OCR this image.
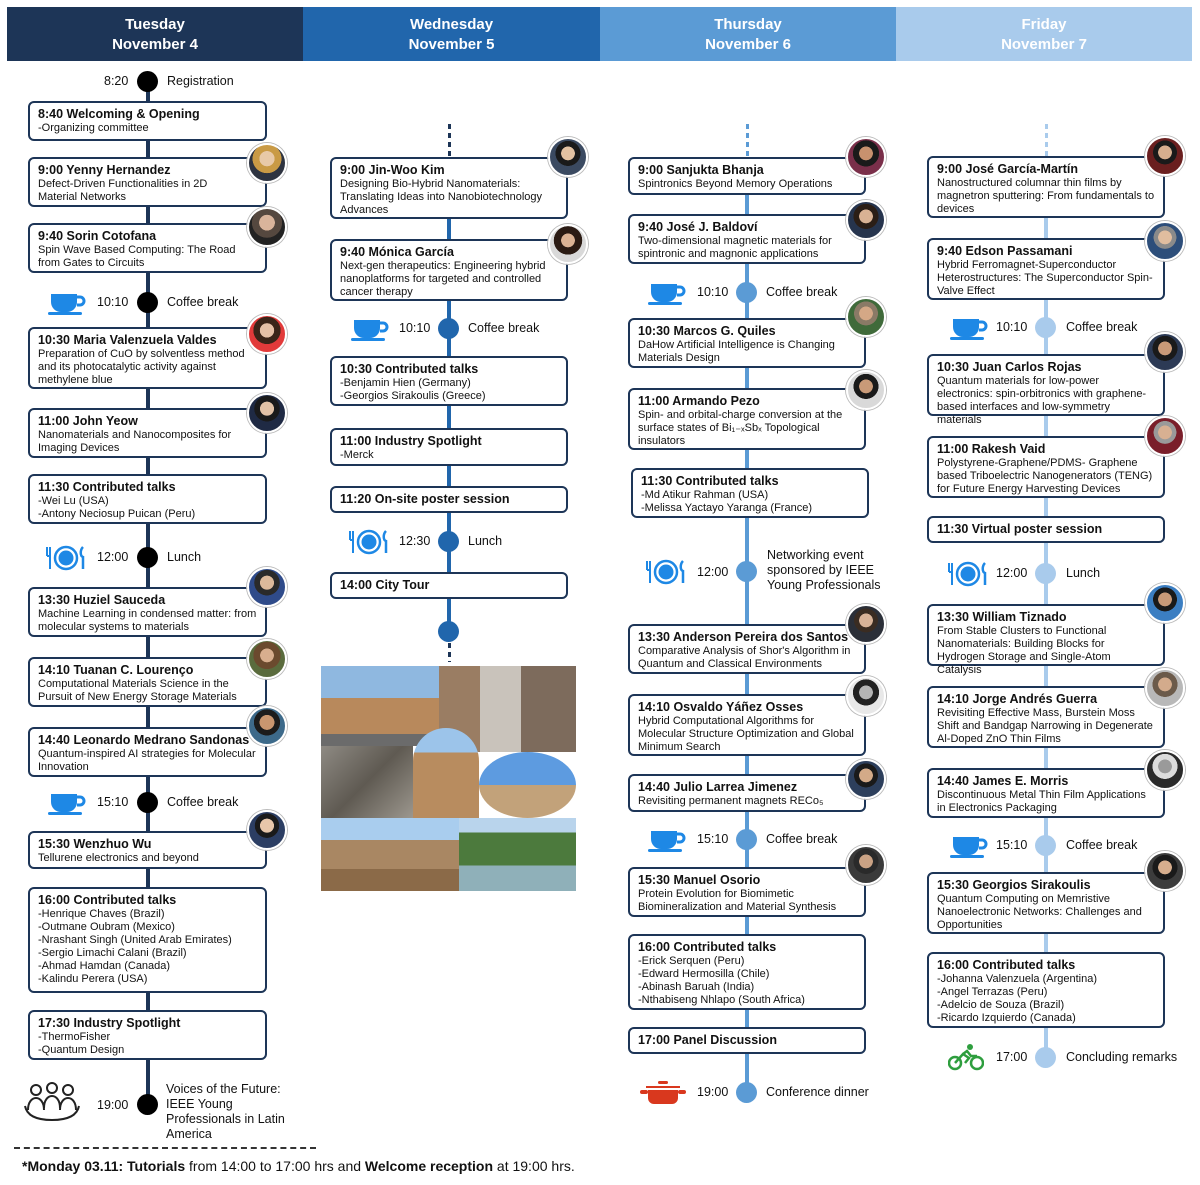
Tuesday
November 4
Wednesday
November 5
Thursday
November 6
Friday
November 7
8:20	Registration
8:40 Welcoming & Opening
-Organizing committee
9:00 Yenny Hernandez
Defect-Driven Functionalities in 2D Material Networks
9:40 Sorin Cotofana
Spin Wave Based Computing: The Road from Gates to Circuits
10:10	Coffee break
10:30 Maria Valenzuela Valdes
Preparation of CuO by solventless method and its photocatalytic activity against methylene blue
11:00 John Yeow
Nanomaterials and Nanocomposites for Imaging Devices
11:30 Contributed talks
-Wei Lu (USA)
-Antony Neciosup Puican (Peru)
12:00	Lunch
13:30 Huziel Sauceda
Machine Learning in condensed matter: from molecular systems to materials
14:10 Tuanan C. Lourenço
Computational Materials Science in the Pursuit of New Energy Storage Materials
14:40 Leonardo Medrano Sandonas
Quantum-inspired AI strategies for Molecular Innovation
15:10	Coffee break
15:30 Wenzhuo Wu
Tellurene electronics and beyond
16:00 Contributed talks
-Henrique Chaves (Brazil)
-Outmane Oubram (Mexico)
-Nrashant Singh (United Arab Emirates)
-Sergio Limachi Calani (Brazil)
-Ahmad Hamdan (Canada)
-Kalindu Perera (USA)
17:30 Industry Spotlight
-ThermoFisher
-Quantum Design
19:00
Voices of the Future: IEEE Young Professionals in Latin America
9:00 Jin-Woo Kim
Designing Bio-Hybrid Nanomaterials: Translating Ideas into Nanobiotechnology Advances
9:40 Mónica García
Next-gen therapeutics: Engineering hybrid nanoplatforms for targeted and controlled cancer therapy
10:10	Coffee break
10:30 Contributed talks
-Benjamin Hien (Germany)
-Georgios Sirakoulis (Greece)
11:00 Industry Spotlight
-Merck
11:20 On-site poster session
12:30	Lunch
14:00 City Tour
9:00 Sanjukta Bhanja
Spintronics Beyond Memory Operations
9:40 José J. Baldoví
Two-dimensional magnetic materials for spintronic and magnonic applications
10:10	Coffee break
10:30 Marcos G. Quiles
DaHow Artificial Intelligence is Changing Materials Design
11:00 Armando Pezo
Spin- and orbital-charge conversion at the surface states of Bi₁₋ₓSbₓ Topological insulators
11:30 Contributed talks
-Md Atikur Rahman (USA)
-Melissa Yactayo Yaranga (France)
12:00
Networking event sponsored by IEEE Young Professionals
13:30 Anderson Pereira dos Santos
Comparative Analysis of Shor's Algorithm in Quantum and Classical Environments
14:10 Osvaldo Yáñez Osses
Hybrid Computational Algorithms for Molecular Structure Optimization and Global Minimum Search
14:40 Julio Larrea Jimenez
Revisiting permanent magnets RECo₅
15:10	Coffee break
15:30 Manuel Osorio
Protein Evolution for Biomimetic Biomineralization and Material Synthesis
16:00 Contributed talks
-Erick Serquen (Peru)
-Edward Hermosilla (Chile)
-Abinash Baruah (India)
-Nthabiseng Nhlapo (South Africa)
17:00 Panel Discussion
19:00	Conference dinner
9:00 José García-Martín
Nanostructured columnar thin films by magnetron sputtering: From fundamentals to devices
9:40 Edson Passamani
Hybrid Ferromagnet-Superconductor Heterostructures: The Superconductor Spin-Valve Effect
10:10	Coffee break
10:30 Juan Carlos Rojas
Quantum materials for low-power electronics: spin-orbitronics with graphene-based interfaces and low-symmetry materials
11:00 Rakesh Vaid
Polystyrene-Graphene/PDMS- Graphene based Triboelectric Nanogenerators (TENG) for Future Energy Harvesting Devices
11:30 Virtual poster session
12:00	Lunch
13:30 William Tiznado
From Stable Clusters to Functional Nanomaterials: Building Blocks for Hydrogen Storage and Single-Atom Catalysis
14:10 Jorge Andrés Guerra
Revisiting Effective Mass, Burstein Moss Shift and Bandgap Narrowing in Degenerate Al-Doped ZnO Thin Films
14:40 James E. Morris
Discontinuous Metal Thin Film Applications in Electronics Packaging
15:10	Coffee break
15:30 Georgios Sirakoulis
Quantum Computing on Memristive Nanoelectronic Networks: Challenges and Opportunities
16:00 Contributed talks
-Johanna Valenzuela (Argentina)
-Angel Terrazas (Peru)
-Adelcio de Souza (Brazil)
-Ricardo Izquierdo (Canada)
17:00	Concluding remarks
*Monday 03.11: Tutorials from 14:00 to 17:00 hrs and Welcome reception at 19:00 hrs.
